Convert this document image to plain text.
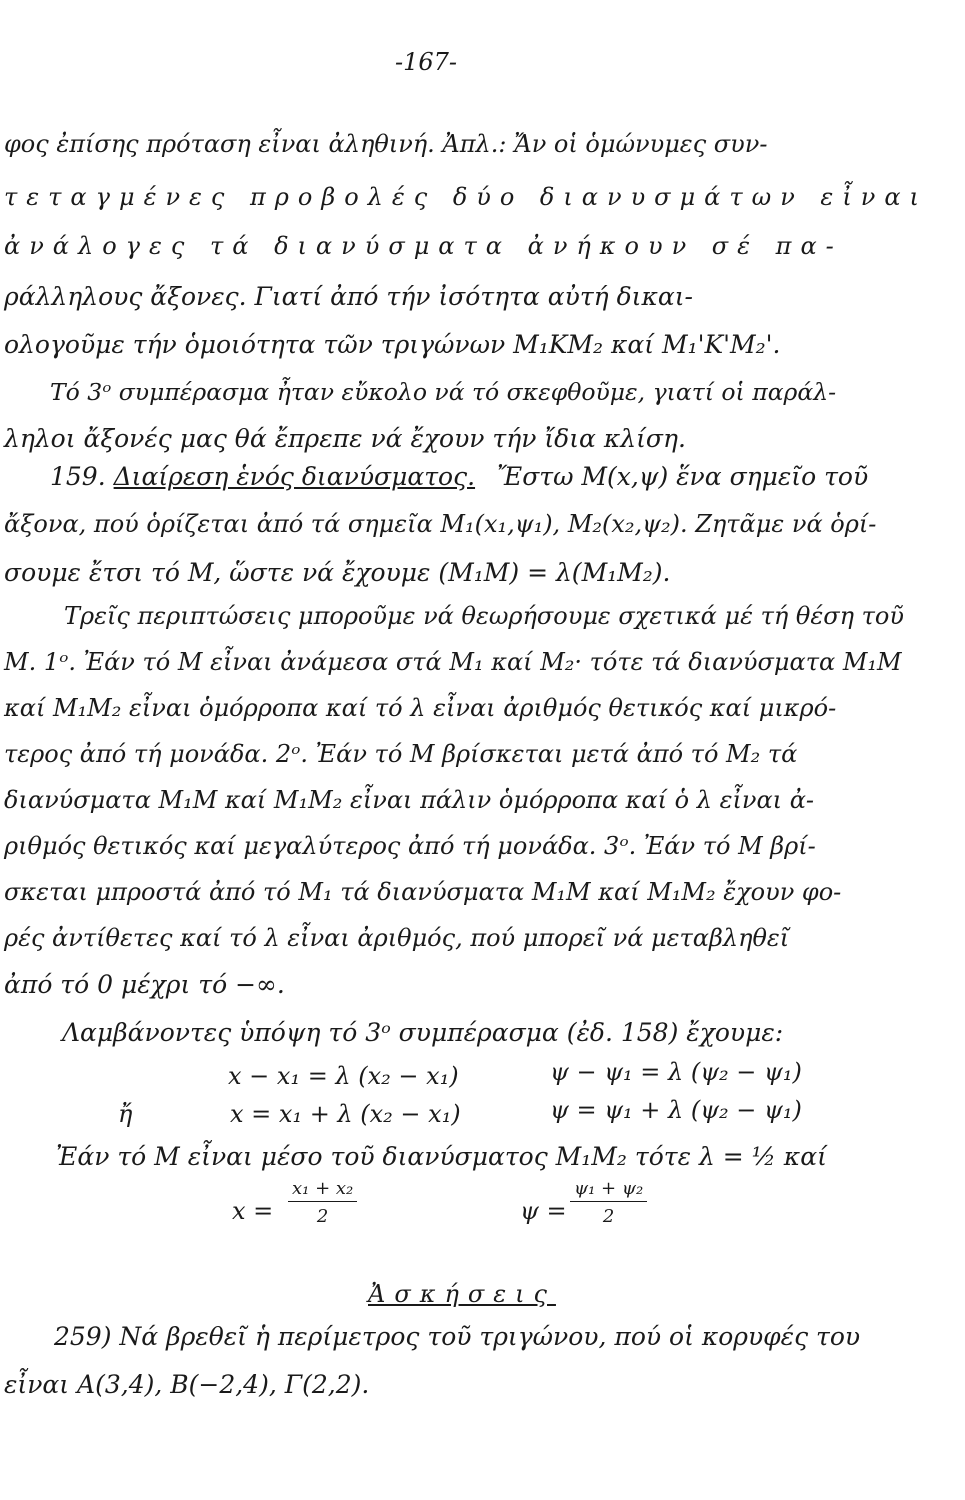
-167-
φος ἐπίσης πρόταση εἶναι ἀληθινή. Ἀπλ.: Ἄν οἱ ὁμώνυμες συν-
τεταγμένες προβολές δύο διανυσμάτων εἶναι
ἀνάλογες τά διανύσματα ἀνήκουν σέ πα-
ράλληλους ἄξονες. Γιατί ἀπό τήν ἰσότητα αὐτή δικαι-
ολογοῦμε τήν ὁμοιότητα τῶν τριγώνων M₁KM₂ καί M₁'K'M₂'.
Τό 3ᵒ συμπέρασμα ἦταν εὔκολο νά τό σκεφθοῦμε, γιατί οἱ παράλ-
ληλοι ἄξονές μας θά ἔπρεπε νά ἔχουν τήν ἴδια κλίση.
159. Διαίρεση ἑνός διανύσματος. Ἔστω M(x,ψ) ἕνα σημεῖο τοῦ
ἄξονα, πού ὁρίζεται ἀπό τά σημεῖα M₁(x₁,ψ₁), M₂(x₂,ψ₂). Ζητᾶμε νά ὁρί-
σουμε ἔτσι τό M, ὥστε νά ἔχουμε (M₁M) = λ(M₁M₂).
Τρεῖς περιπτώσεις μποροῦμε νά θεωρήσουμε σχετικά μέ τή θέση τοῦ
M. 1ᵒ. Ἐάν τό M εἶναι ἀνάμεσα στά M₁ καί M₂· τότε τά διανύσματα M₁M
καί M₁M₂ εἶναι ὁμόρροπα καί τό λ εἶναι ἀριθμός θετικός καί μικρό-
τερος ἀπό τή μονάδα. 2ᵒ. Ἐάν τό M βρίσκεται μετά ἀπό τό M₂ τά
διανύσματα M₁M καί M₁M₂ εἶναι πάλιν ὁμόρροπα καί ὁ λ εἶναι ἀ-
ριθμός θετικός καί μεγαλύτερος ἀπό τή μονάδα. 3ᵒ. Ἐάν τό M βρί-
σκεται μπροστά ἀπό τό M₁ τά διανύσματα M₁M καί M₁M₂ ἔχουν φο-
ρές ἀντίθετες καί τό λ εἶναι ἀριθμός, πού μπορεῖ νά μεταβληθεῖ
ἀπό τό 0 μέχρι τό −∞.
Λαμβάνοντες ὑπόψη τό 3ᵒ συμπέρασμα (ἐδ. 158) ἔχουμε:
x − x₁ = λ (x₂ − x₁)	ψ − ψ₁ = λ (ψ₂ − ψ₁)
ἤ	x = x₁ + λ (x₂ − x₁)	ψ = ψ₁ + λ (ψ₂ − ψ₁)
Ἐάν τό M εἶναι μέσο τοῦ διανύσματος M₁M₂ τότε λ = ½ καί
$x = \frac{\text{x₁ + x₂}}{2}$	$\psi = \frac{\text{ψ₁ + ψ₂}}{2}$
Ἀσκήσεις
259) Νά βρεθεῖ ἡ περίμετρος τοῦ τριγώνου, πού οἱ κορυφές του
εἶναι A(3,4), B(−2,4), Γ(2,2).
